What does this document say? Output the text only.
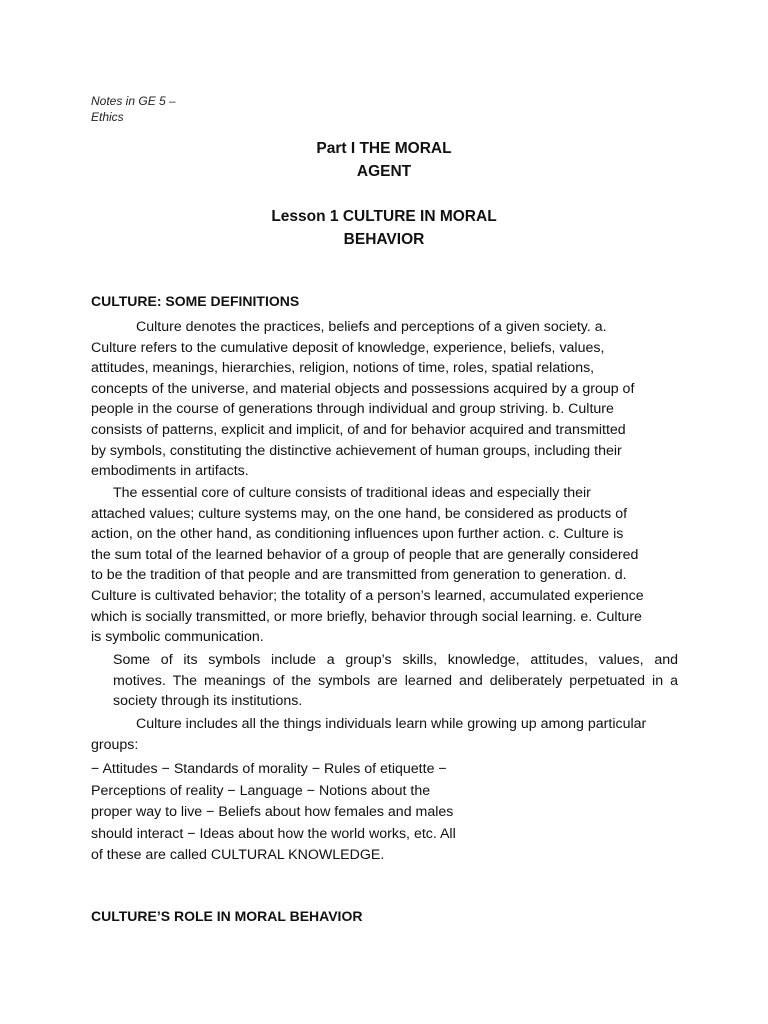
Notes in GE 5 –
Ethics
Part I THE MORAL
AGENT
Lesson 1 CULTURE IN MORAL
BEHAVIOR
CULTURE: SOME DEFINITIONS
Culture denotes the practices, beliefs and perceptions of a given society. a.
Culture refers to the cumulative deposit of knowledge, experience, beliefs, values,
attitudes, meanings, hierarchies, religion, notions of time, roles, spatial relations,
concepts of the universe, and material objects and possessions acquired by a group of
people in the course of generations through individual and group striving. b. Culture
consists of patterns, explicit and implicit, of and for behavior acquired and transmitted
by symbols, constituting the distinctive achievement of human groups, including their
embodiments in artifacts.
The essential core of culture consists of traditional ideas and especially their
attached values; culture systems may, on the one hand, be considered as products of
action, on the other hand, as conditioning influences upon further action. c. Culture is
the sum total of the learned behavior of a group of people that are generally considered
to be the tradition of that people and are transmitted from generation to generation. d.
Culture is cultivated behavior; the totality of a person’s learned, accumulated experience
which is socially transmitted, or more briefly, behavior through social learning. e. Culture
is symbolic communication.
Some of its symbols include a group’s skills, knowledge, attitudes, values, and
motives. The meanings of the symbols are learned and deliberately perpetuated in a
society through its institutions.
Culture includes all the things individuals learn while growing up among particular
groups:
− Attitudes − Standards of morality − Rules of etiquette −
Perceptions of reality − Language − Notions about the
proper way to live − Beliefs about how females and males
should interact − Ideas about how the world works, etc. All
of these are called CULTURAL KNOWLEDGE.
CULTURE’S ROLE IN MORAL BEHAVIOR
